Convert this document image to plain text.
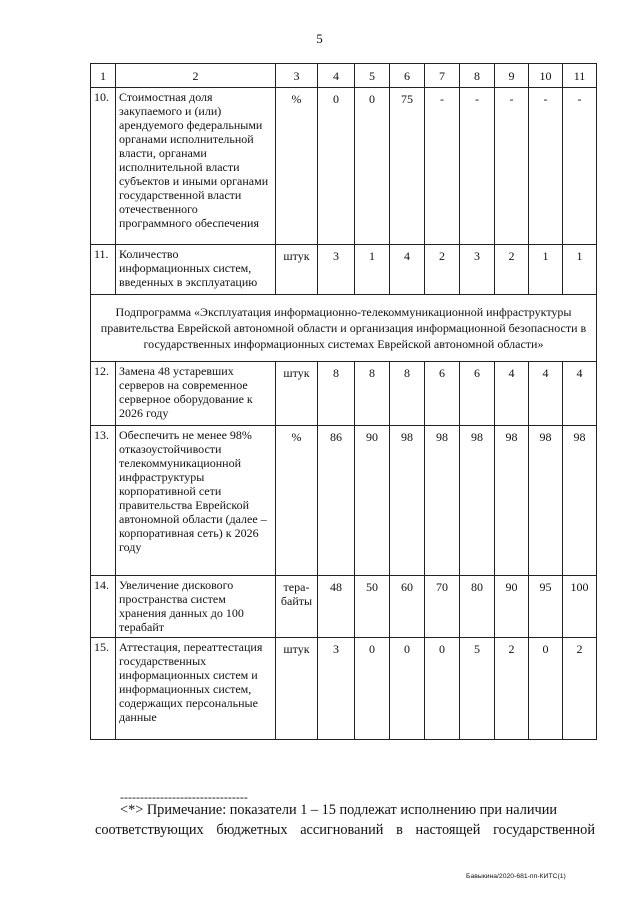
5
1	2	3	4	5	6	7	8	9	10	11
10.	Стоимостная доля закупаемого и (или) арендуемого федеральными органами исполнительной власти, органами исполнительной власти субъектов и иными органами государственной власти отечественного программного обеспечения	%	0	0	75	-	-	-	-	-
11.	Количество информационных систем, введенных в эксплуатацию	штук	3	1	4	2	3	2	1	1
Подпрограмма «Эксплуатация информационно-телекоммуникационной инфраструктуры правительства Еврейской автономной области и организация информационной безопасности в государственных информационных системах Еврейской автономной области»										
12.	Замена 48 устаревших серверов на современное серверное оборудование к 2026 году	штук	8	8	8	6	6	4	4	4
13.	Обеспечить не менее 98% отказоустойчивости телекоммуникационной инфраструктуры корпоративной сети правительства Еврейской автономной области (далее – корпоративная сеть) к 2026 году	%	86	90	98	98	98	98	98	98
14.	Увеличение дискового пространства систем хранения данных до 100 терабайт	тера-байты	48	50	60	70	80	90	95	100
15.	Аттестация, переаттестация государственных информационных систем и информационных систем, содержащих персональные данные	штук	3	0	0	0	5	2	0	2
--------------------------------
<*> Примечание: показатели 1 – 15 подлежат исполнению при наличии
соответствующих бюджетных ассигнований в настоящей государственной
Бавыкина/2020-681-пп-КИТС(1)
